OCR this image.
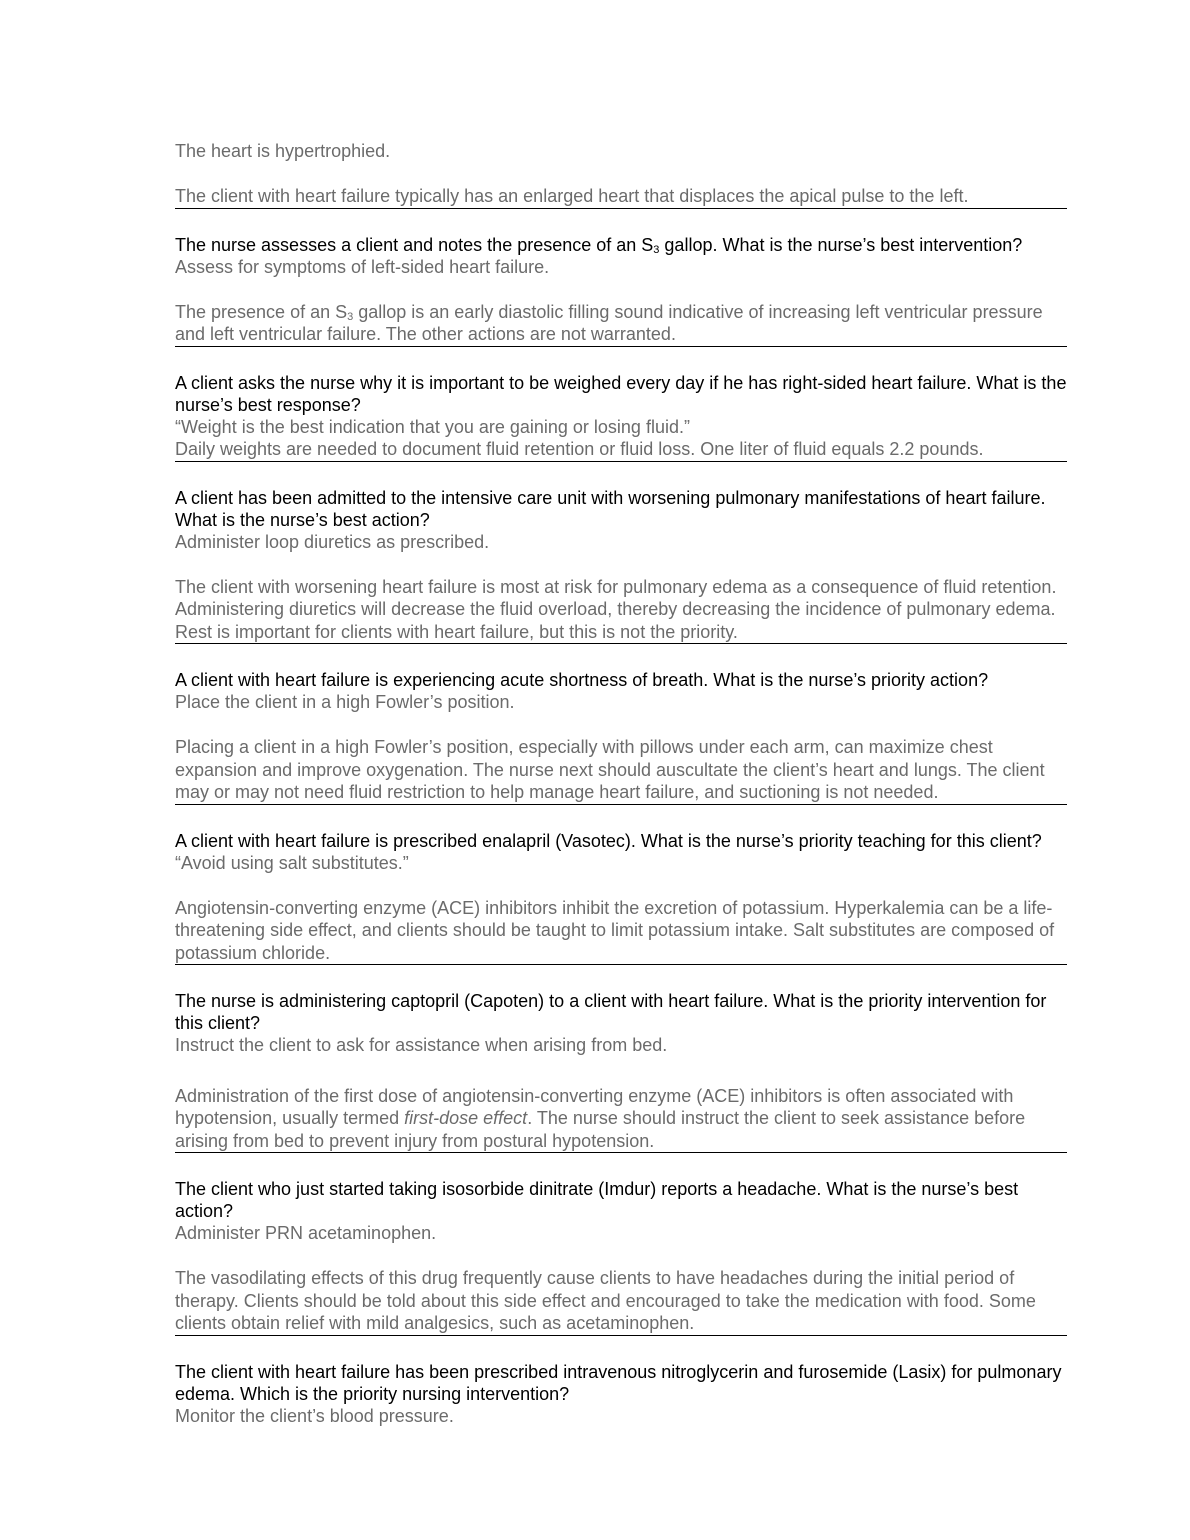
The heart is hypertrophied.
The client with heart failure typically has an enlarged heart that displaces the apical pulse to the left.
The nurse assesses a client and notes the presence of an $S_3$ gallop. What is the nurse’s best intervention?
Assess for symptoms of left-sided heart failure.
The presence of an $S_3$ gallop is an early diastolic filling sound indicative of increasing left ventricular pressure and left ventricular failure. The other actions are not warranted.
A client asks the nurse why it is important to be weighed every day if he has right-sided heart failure. What is the nurse’s best response?
“Weight is the best indication that you are gaining or losing fluid.”
Daily weights are needed to document fluid retention or fluid loss. One liter of fluid equals 2.2 pounds.
A client has been admitted to the intensive care unit with worsening pulmonary manifestations of heart failure. What is the nurse’s best action?
Administer loop diuretics as prescribed.
The client with worsening heart failure is most at risk for pulmonary edema as a consequence of fluid retention. Administering diuretics will decrease the fluid overload, thereby decreasing the incidence of pulmonary edema. Rest is important for clients with heart failure, but this is not the priority.
A client with heart failure is experiencing acute shortness of breath. What is the nurse’s priority action?
Place the client in a high Fowler’s position.
Placing a client in a high Fowler’s position, especially with pillows under each arm, can maximize chest expansion and improve oxygenation. The nurse next should auscultate the client’s heart and lungs. The client may or may not need fluid restriction to help manage heart failure, and suctioning is not needed.
A client with heart failure is prescribed enalapril (Vasotec). What is the nurse’s priority teaching for this client?
“Avoid using salt substitutes.”
Angiotensin-converting enzyme (ACE) inhibitors inhibit the excretion of potassium. Hyperkalemia can be a life-threatening side effect, and clients should be taught to limit potassium intake. Salt substitutes are composed of potassium chloride.
The nurse is administering captopril (Capoten) to a client with heart failure. What is the priority intervention for this client?
Instruct the client to ask for assistance when arising from bed.
Administration of the first dose of angiotensin-converting enzyme (ACE) inhibitors is often associated with hypotension, usually termed first-dose effect. The nurse should instruct the client to seek assistance before arising from bed to prevent injury from postural hypotension.
The client who just started taking isosorbide dinitrate (Imdur) reports a headache. What is the nurse’s best action?
Administer PRN acetaminophen.
The vasodilating effects of this drug frequently cause clients to have headaches during the initial period of therapy. Clients should be told about this side effect and encouraged to take the medication with food. Some clients obtain relief with mild analgesics, such as acetaminophen.
The client with heart failure has been prescribed intravenous nitroglycerin and furosemide (Lasix) for pulmonary edema. Which is the priority nursing intervention?
Monitor the client’s blood pressure.
